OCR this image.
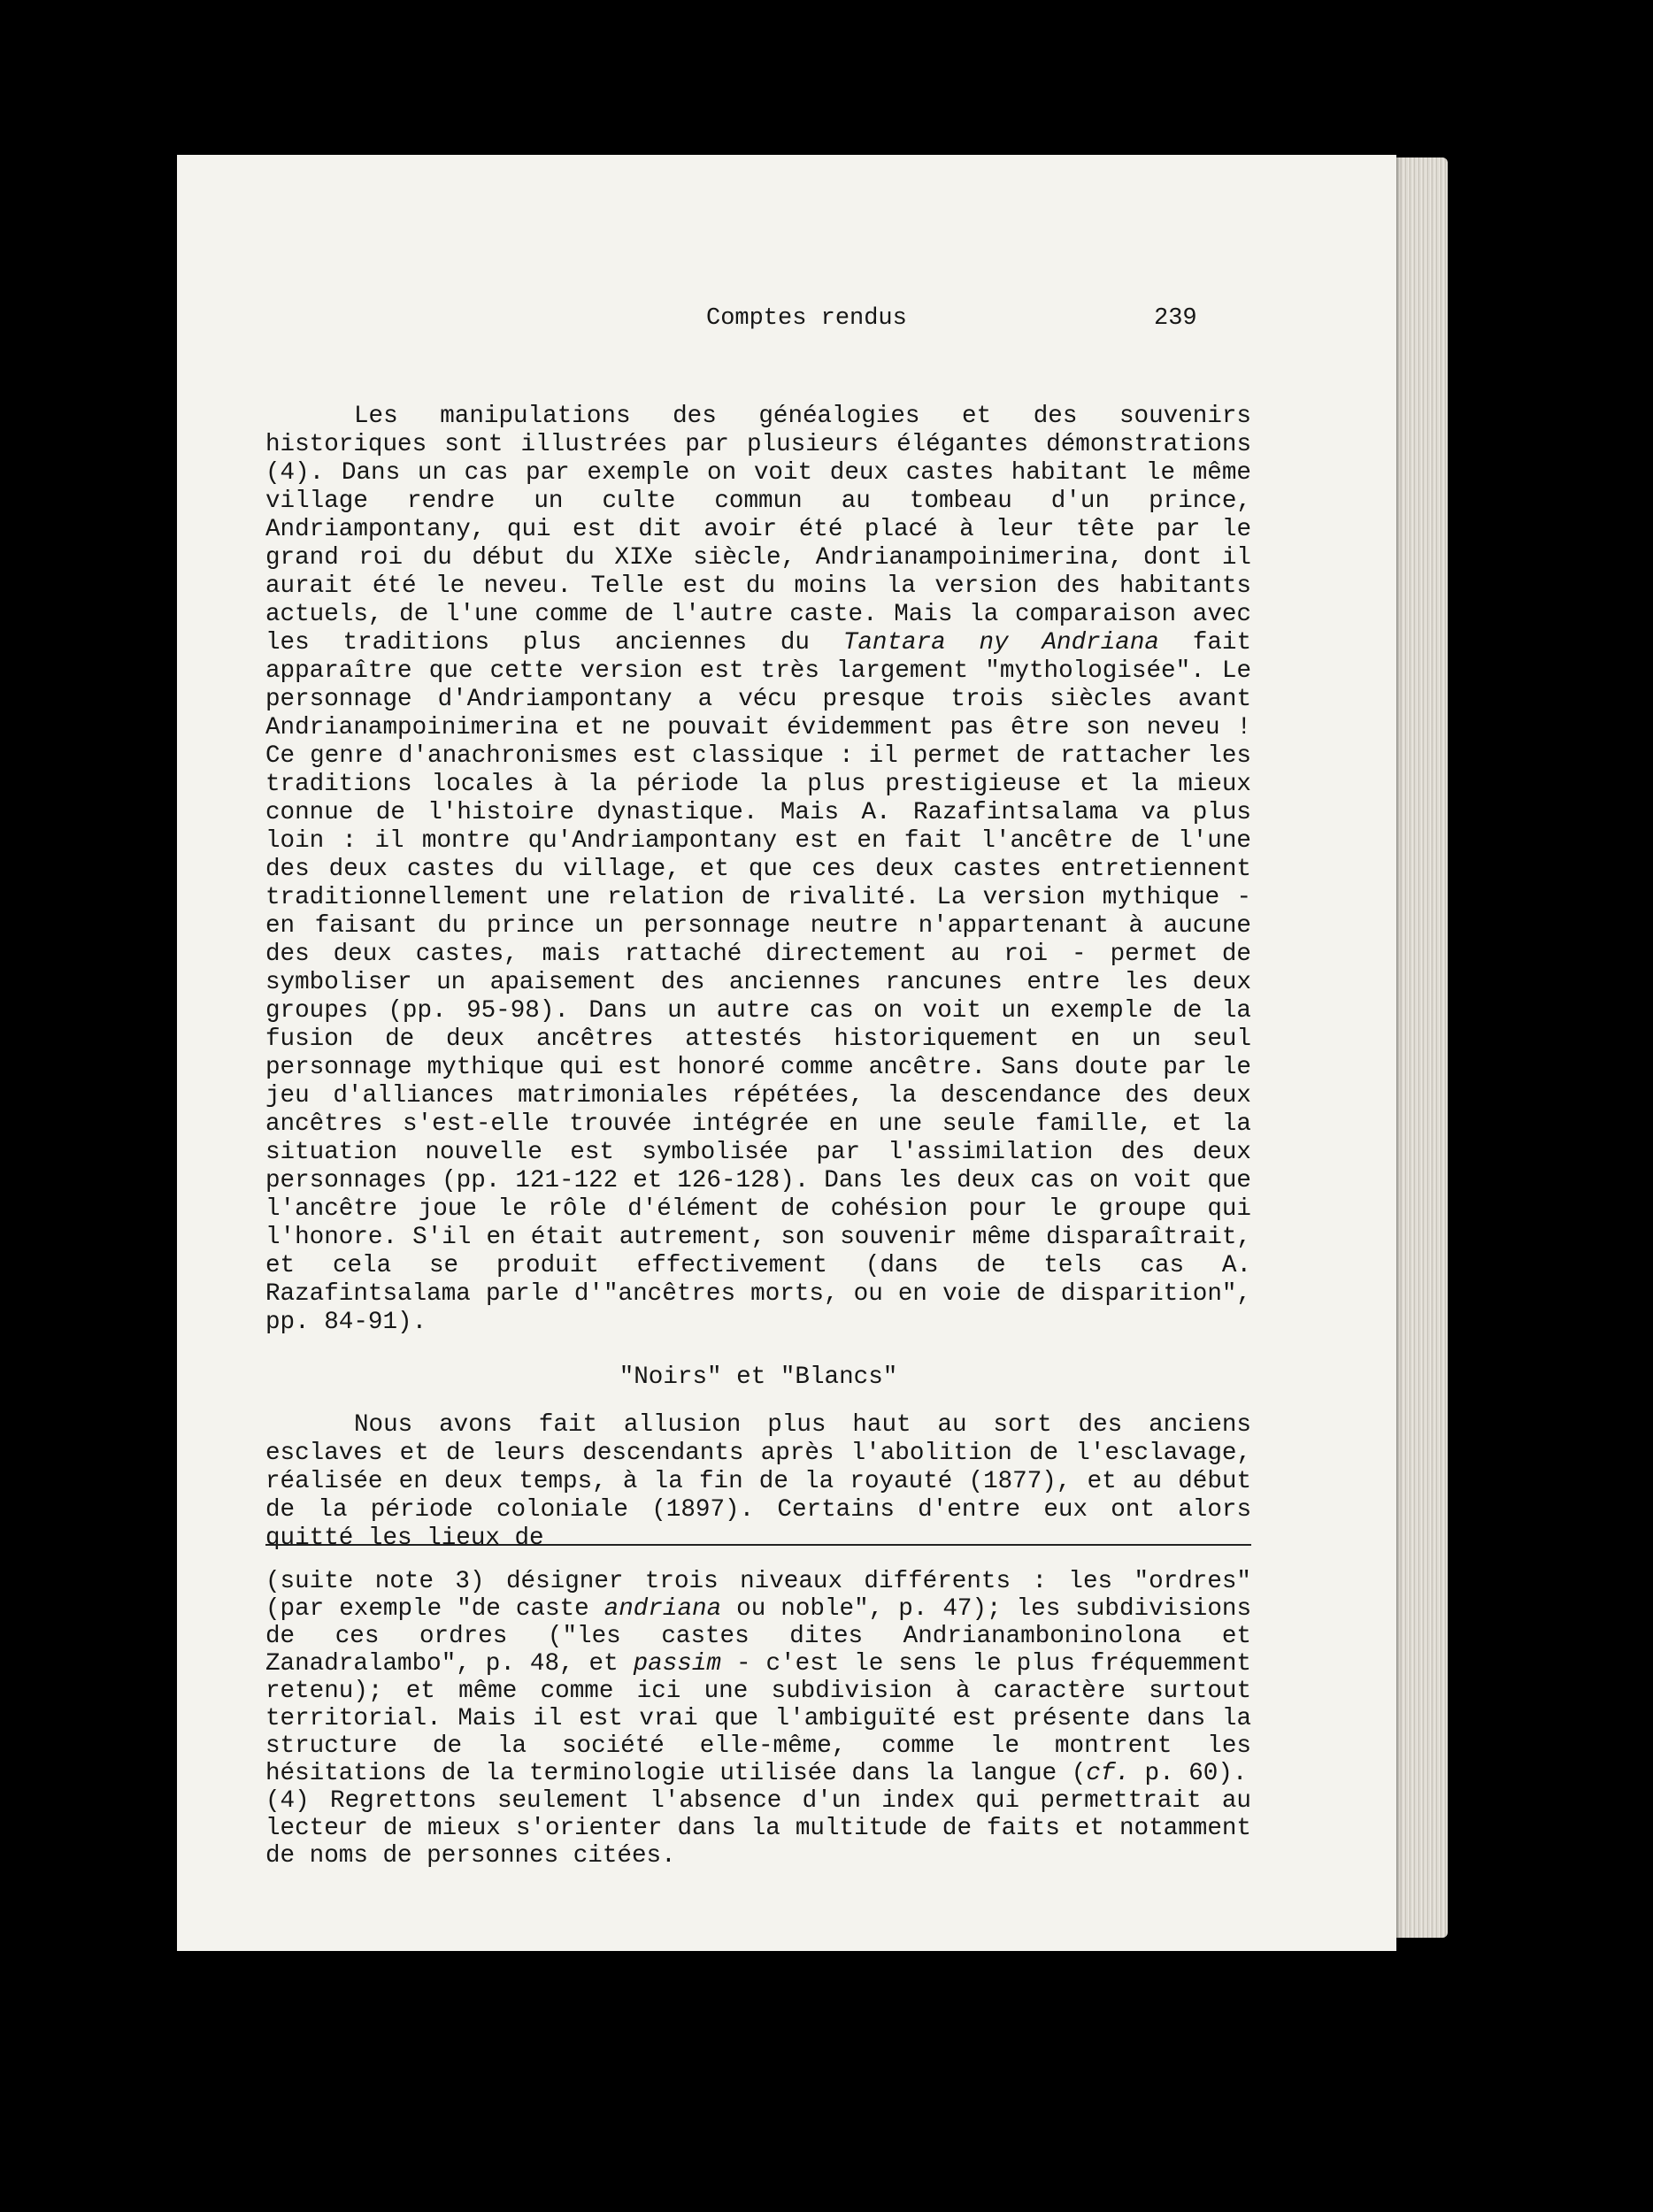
Comptes rendus	239

Les manipulations des généalogies et des souvenirs historiques sont illustrées par plusieurs élégantes démonstrations (4). Dans un cas par exemple on voit deux castes habitant le même village rendre un culte commun au tombeau d'un prince, Andriampontany, qui est dit avoir été placé à leur tête par le grand roi du début du XIXe siècle, Andrianampoinimerina, dont il aurait été le neveu. Telle est du moins la version des habitants actuels, de l'une comme de l'autre caste. Mais la comparaison avec les traditions plus anciennes du Tantara ny Andriana fait apparaître que cette version est très largement "mythologisée". Le personnage d'Andriampontany a vécu presque trois siècles avant Andrianampoinimerina et ne pouvait évidemment pas être son neveu ! Ce genre d'anachronismes est classique : il permet de rattacher les traditions locales à la période la plus prestigieuse et la mieux connue de l'histoire dynastique. Mais A. Razafintsalama va plus loin : il montre qu'Andriampontany est en fait l'ancêtre de l'une des deux castes du village, et que ces deux castes entretiennent traditionnellement une relation de rivalité. La version mythique - en faisant du prince un personnage neutre n'appartenant à aucune des deux castes, mais rattaché directement au roi - permet de symboliser un apaisement des anciennes rancunes entre les deux groupes (pp. 95-98). Dans un autre cas on voit un exemple de la fusion de deux ancêtres attestés historiquement en un seul personnage mythique qui est honoré comme ancêtre. Sans doute par le jeu d'alliances matrimoniales répétées, la descendance des deux ancêtres s'est-elle trouvée intégrée en une seule famille, et la situation nouvelle est symbolisée par l'assimilation des deux personnages (pp. 121-122 et 126-128). Dans les deux cas on voit que l'ancêtre joue le rôle d'élément de cohésion pour le groupe qui l'honore. S'il en était autrement, son souvenir même disparaîtrait, et cela se produit effectivement (dans de tels cas A. Razafintsalama parle d'"ancêtres morts, ou en voie de disparition", pp. 84-91).

"Noirs" et "Blancs"

Nous avons fait allusion plus haut au sort des anciens esclaves et de leurs descendants après l'abolition de l'esclavage, réalisée en deux temps, à la fin de la royauté (1877), et au début de la période coloniale (1897). Certains d'entre eux ont alors quitté les lieux de

(suite note 3) désigner trois niveaux différents : les "ordres" (par exemple "de caste andriana ou noble", p. 47); les subdivisions de ces ordres ("les castes dites Andrianamboninolona et Zanadralambo", p. 48, et passim - c'est le sens le plus fréquemment retenu); et même comme ici une subdivision à caractère surtout territorial. Mais il est vrai que l'ambiguïté est présente dans la structure de la société elle-même, comme le montrent les hésitations de la terminologie utilisée dans la langue (cf. p. 60).

(4) Regrettons seulement l'absence d'un index qui permettrait au lecteur de mieux s'orienter dans la multitude de faits et notamment de noms de personnes citées.
